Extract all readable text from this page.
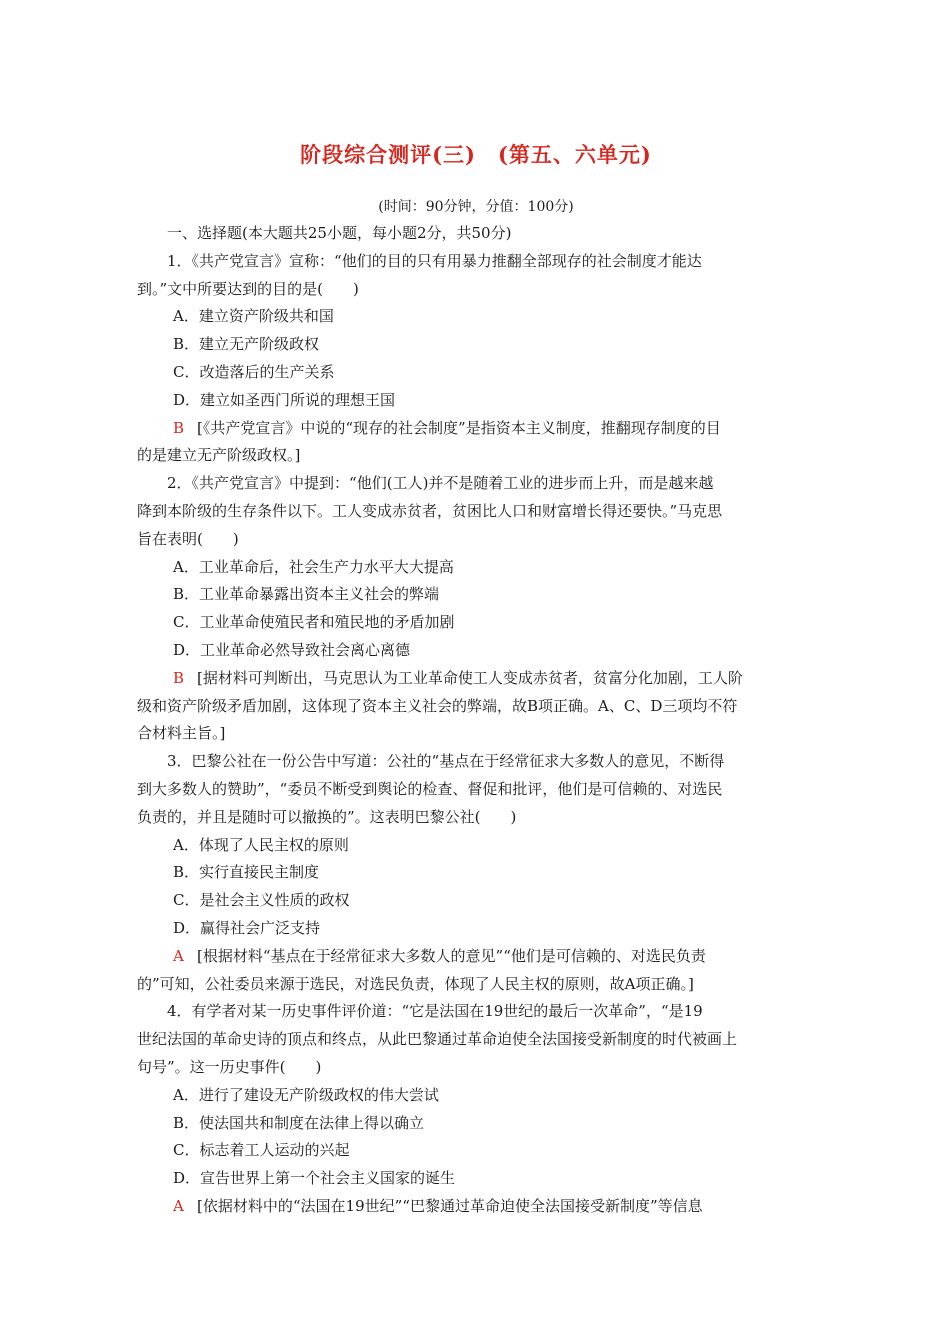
阶段综合测评(三)　(第五、六单元)
(时间：90分钟，分值：100分)
一、选择题(本大题共25小题，每小题2分，共50分)
1．《共产党宣言》宣称：“他们的目的只有用暴力推翻全部现存的社会制度才能达
到。”文中所要达到的目的是(　　)
A．建立资产阶级共和国
B．建立无产阶级政权
C．改造落后的生产关系
D．建立如圣西门所说的理想王国
B [《共产党宣言》中说的“现存的社会制度”是指资本主义制度，推翻现存制度的目
的是建立无产阶级政权。]
2．《共产党宣言》中提到：“他们(工人)并不是随着工业的进步而上升，而是越来越
降到本阶级的生存条件以下。工人变成赤贫者，贫困比人口和财富增长得还要快。”马克思
旨在表明(　　)
A．工业革命后，社会生产力水平大大提高
B．工业革命暴露出资本主义社会的弊端
C．工业革命使殖民者和殖民地的矛盾加剧
D．工业革命必然导致社会离心离德
B [据材料可判断出，马克思认为工业革命使工人变成赤贫者，贫富分化加剧，工人阶
级和资产阶级矛盾加剧，这体现了资本主义社会的弊端，故B项正确。A、C、D三项均不符
合材料主旨。]
3．巴黎公社在一份公告中写道：公社的“基点在于经常征求大多数人的意见，不断得
到大多数人的赞助”，“委员不断受到舆论的检查、督促和批评，他们是可信赖的、对选民
负责的，并且是随时可以撤换的”。这表明巴黎公社(　　)
A．体现了人民主权的原则
B．实行直接民主制度
C．是社会主义性质的政权
D．赢得社会广泛支持
A [根据材料“基点在于经常征求大多数人的意见”“他们是可信赖的、对选民负责
的”可知，公社委员来源于选民，对选民负责，体现了人民主权的原则，故A项正确。]
4．有学者对某一历史事件评价道：“它是法国在19世纪的最后一次革命”，“是19
世纪法国的革命史诗的顶点和终点，从此巴黎通过革命迫使全法国接受新制度的时代被画上
句号”。这一历史事件(　　)
A．进行了建设无产阶级政权的伟大尝试
B．使法国共和制度在法律上得以确立
C．标志着工人运动的兴起
D．宣告世界上第一个社会主义国家的诞生
A [依据材料中的“法国在19世纪”“巴黎通过革命迫使全法国接受新制度”等信息
